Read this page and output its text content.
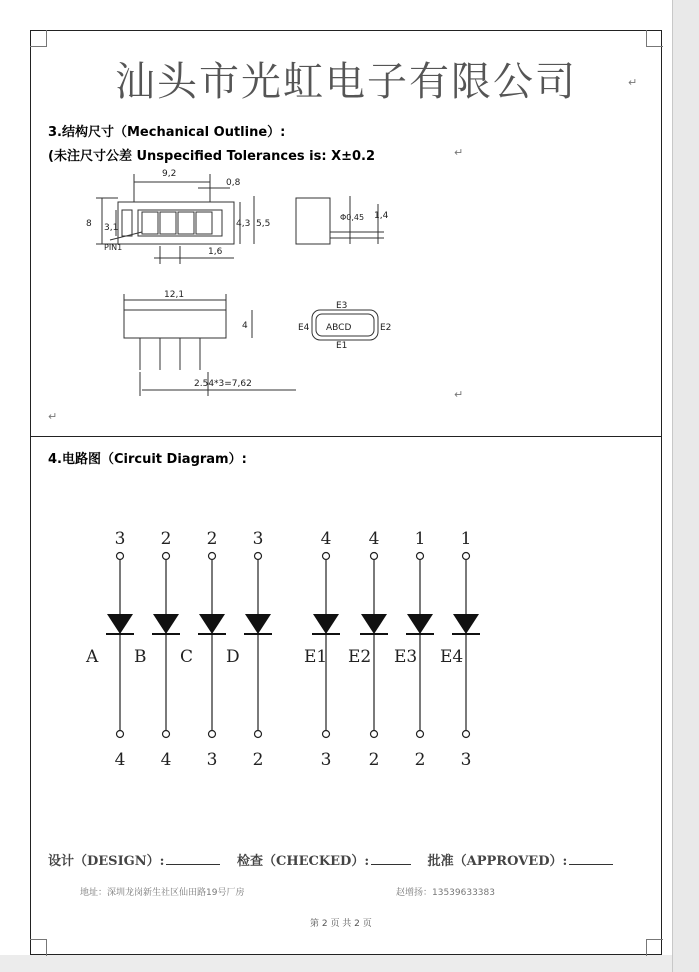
汕头市光虹电子有限公司	↵
3.结构尺寸（Mechanical Outline）:
(未注尺寸公差 Unspecified Tolerances is: X±0.2	↵
9,2
0,8
8 3,1	4,3 5,5
1,6
PIN1
Φ0,45 1,4
12,1
4
2.54*3=7,62
E3
E4 ABCD	E2
E1
↵
↵
4.电路图（Circuit Diagram）:
3
4
A
2
4
B
2
3
C
3
2
D
4
3
E1
4
2
E2
1
2
E3
1
3
E4
设计（DESIGN）:	检查（CHECKED）:	批准（APPROVED）:
地址：深圳龙岗新生社区仙田路19号厂房	赵增扬：13539633383
第 2 页 共 2 页
